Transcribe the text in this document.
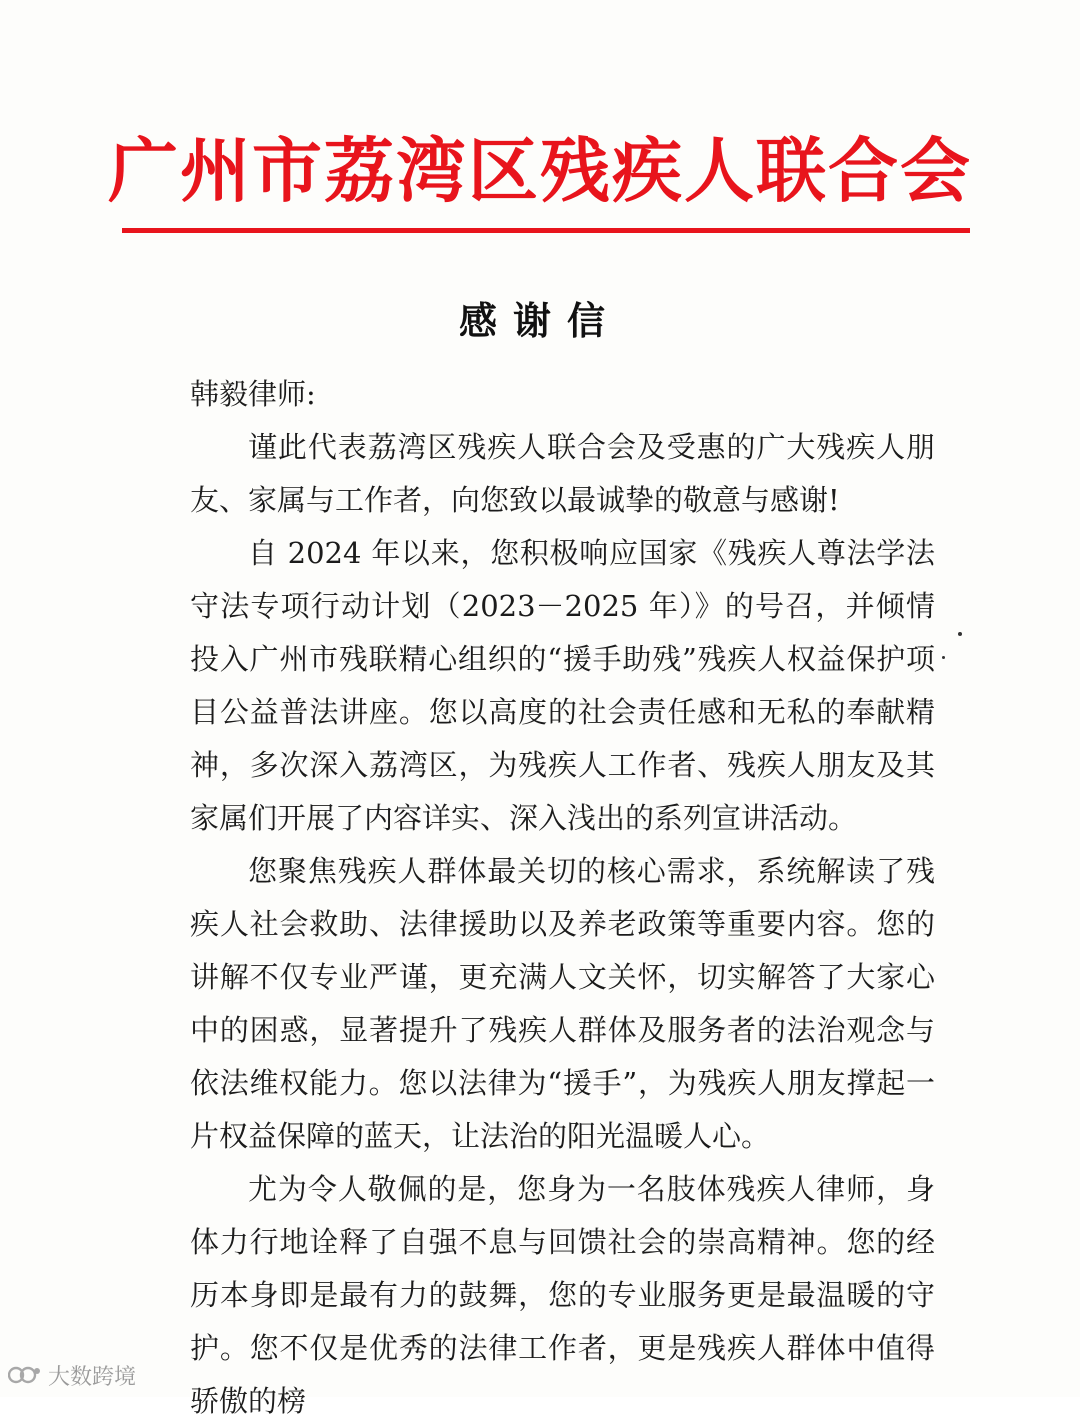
广州市荔湾区残疾人联合会
感谢信

韩毅律师:

谨此代表荔湾区残疾人联合会及受惠的广大残疾人朋友、家属与工作者，向您致以最诚挚的敬意与感谢!

自 2024 年以来，您积极响应国家《残疾人尊法学法守法专项行动计划（2023－2025 年）》的号召，并倾情投入广州市残联精心组织的“援手助残”残疾人权益保护项目公益普法讲座。您以高度的社会责任感和无私的奉献精神，多次深入荔湾区，为残疾人工作者、残疾人朋友及其家属们开展了内容详实、深入浅出的系列宣讲活动。

您聚焦残疾人群体最关切的核心需求，系统解读了残疾人社会救助、法律援助以及养老政策等重要内容。您的讲解不仅专业严谨，更充满人文关怀，切实解答了大家心中的困惑，显著提升了残疾人群体及服务者的法治观念与依法维权能力。您以法律为“援手”，为残疾人朋友撑起一片权益保障的蓝天，让法治的阳光温暖人心。

尤为令人敬佩的是，您身为一名肢体残疾人律师，身体力行地诠释了自强不息与回馈社会的崇高精神。您的经历本身即是最有力的鼓舞，您的专业服务更是最温暖的守护。您不仅是优秀的法律工作者，更是残疾人群体中值得骄傲的榜

大数跨境
